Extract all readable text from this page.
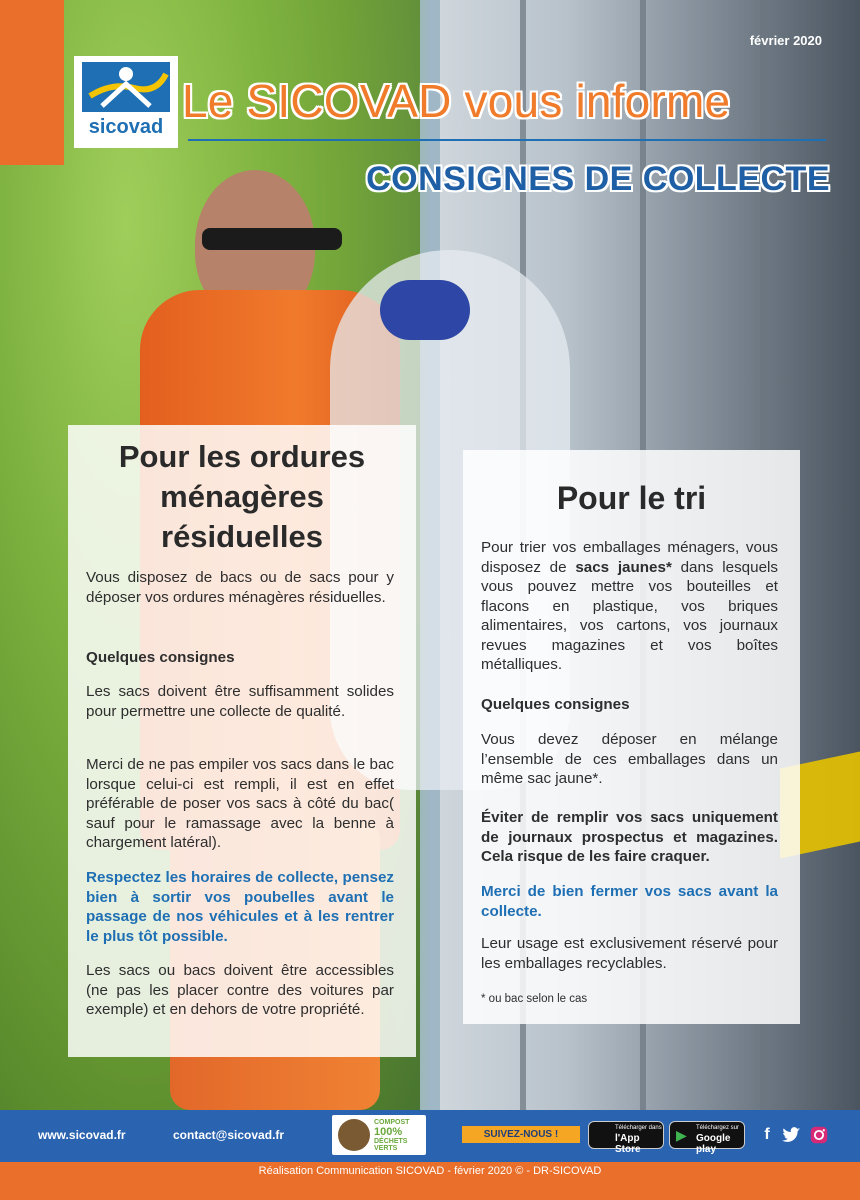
sicovad
février 2020
Le SICOVAD vous informe
CONSIGNES DE COLLECTE
Pour les ordures
ménagères
résiduelles

Vous disposez de bacs ou de sacs pour y déposer vos ordures ménagères résiduelles.

Quelques consignes

Les sacs doivent être suffisamment solides pour permettre une collecte de qualité.

Merci de ne pas empiler vos sacs dans le bac lorsque celui-ci est rempli, il est en effet préférable de poser vos sacs à côté du bac( sauf pour le ramassage avec la benne à chargement latéral).

Respectez les horaires de collecte, pensez bien à sortir vos poubelles avant le passage de nos véhicules et à les rentrer le plus tôt possible.

Les sacs ou bacs doivent être accessibles (ne pas les placer contre des voitures par exemple) et en dehors de votre propriété.

Pour le tri

Pour trier vos emballages ménagers, vous disposez de sacs jaunes* dans lesquels vous pouvez mettre vos bouteilles et flacons en plastique, vos briques alimentaires, vos cartons, vos journaux revues magazines et vos boîtes métalliques.

Quelques consignes

Vous devez déposer en mélange l’ensemble de ces emballages dans un même sac jaune*.

Éviter de remplir vos sacs uniquement de journaux prospectus et magazines. Cela risque de les faire craquer.

Merci de bien fermer vos sacs avant la collecte.

Leur usage est exclusivement réservé pour les emballages recyclables.

* ou bac selon le cas

www.sicovad.fr	contact@sicovad.fr
COMPOST
100%
DÉCHETS VERTS
SUIVEZ-NOUS !
Télécharger dans
l'App Store
▶ Téléchargez sur
Google play
f
Réalisation Communication SICOVAD - février 2020 © - DR-SICOVAD
